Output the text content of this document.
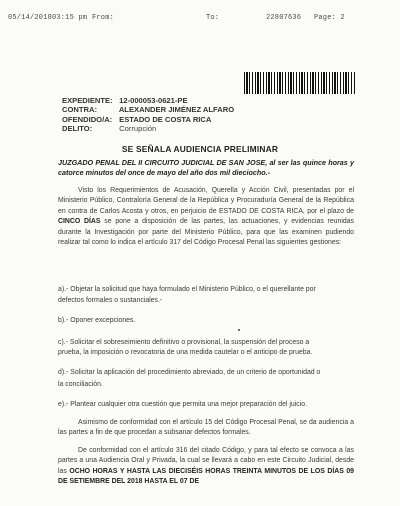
05/14/2018 03:15 pm From:	To:	22807636 Page: 2
EXPEDIENTE: 12-000053-0621-PE
CONTRA:	ALEXANDER JIMÉNEZ ALFARO
OFENDIDO/A: ESTADO DE COSTA RICA
DELITO:	Corrupción
SE SEÑALA AUDIENCIA PRELIMINAR
JUZGADO PENAL DEL II CIRCUITO JUDICIAL DE SAN JOSE, al ser las quince horas y catorce minutos del once de mayo del año dos mil dieciocho.-
Visto los Requerimientos de Acusación, Querella y Acción Civil, presentadas por el Ministerio Público, Contraloría General de la República y Procuraduría General de la República en contra de Carlos Acosta y otros, en perjuicio de ESTADO DE COSTA RICA, por el plazo de CINCO DÍAS se pone a disposición de las partes, las actuaciones, y evidencias reunidas durante la Investigación por parte del Ministerio Público, para que las examinen pudiendo realizar tal como lo indica el artículo 317 del Código Procesal Penal las siguientes gestiones:
a).- Objetar la solicitud que haya formulado el Ministerio Público, o el querellante por
defectos formales o sustanciales.-
b).- Oponer excepciones.
c).- Solicitar el sobreseimiento definitivo o provisional, la suspensión del proceso a
prueba, la imposición o revocatoria de una medida cautelar o el anticipo de prueba.
d).- Solicitar la aplicación del procedimiento abreviado, de un criterio de oportunidad o
la conciliación.
e).- Plantear cualquier otra cuestión que permita una mejor preparación del juicio.
Asimismo de conformidad con el artículo 15 del Código Procesal Penal, se da audiencia a las partes a fin de que procedan a subsanar defectos formales.
De conformidad con el artículo 316 del citado Código, y para tal efecto se convoca a las partes a una Audiencia Oral y Privada, la cual se llevará a cabo en este Circuito Judicial, desde las OCHO HORAS Y HASTA LAS DIECISÉIS HORAS TREINTA MINUTOS DE LOS DÍAS 09 DE SETIEMBRE DEL 2018 HASTA EL 07 DE
